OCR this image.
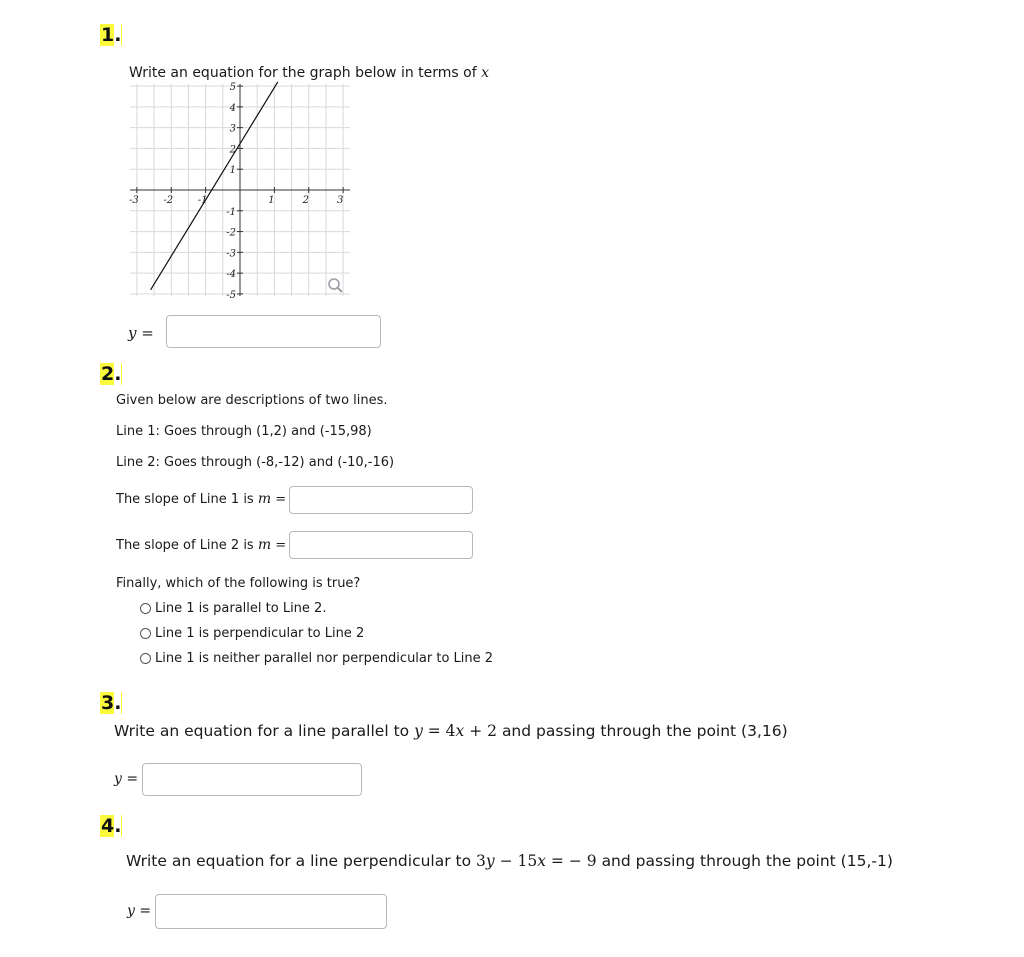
1.
Write an equation for the graph below in terms of x
-3 -2 -1	1	2	3
5
4
3
2
1
-1
-2
-3
-4
-5
y =
2.
Given below are descriptions of two lines.
Line 1: Goes through (1,2) and (-15,98)
Line 2: Goes through (-8,-12) and (-10,-16)
The slope of Line 1 is m =
The slope of Line 2 is m =
Finally, which of the following is true?
Line 1 is parallel to Line 2.
Line 1 is perpendicular to Line 2
Line 1 is neither parallel nor perpendicular to Line 2
3.
Write an equation for a line parallel to y = 4x + 2 and passing through the point (3,16)
y =
4.
Write an equation for a line perpendicular to 3y − 15x = − 9 and passing through the point (15,-1)
y =
